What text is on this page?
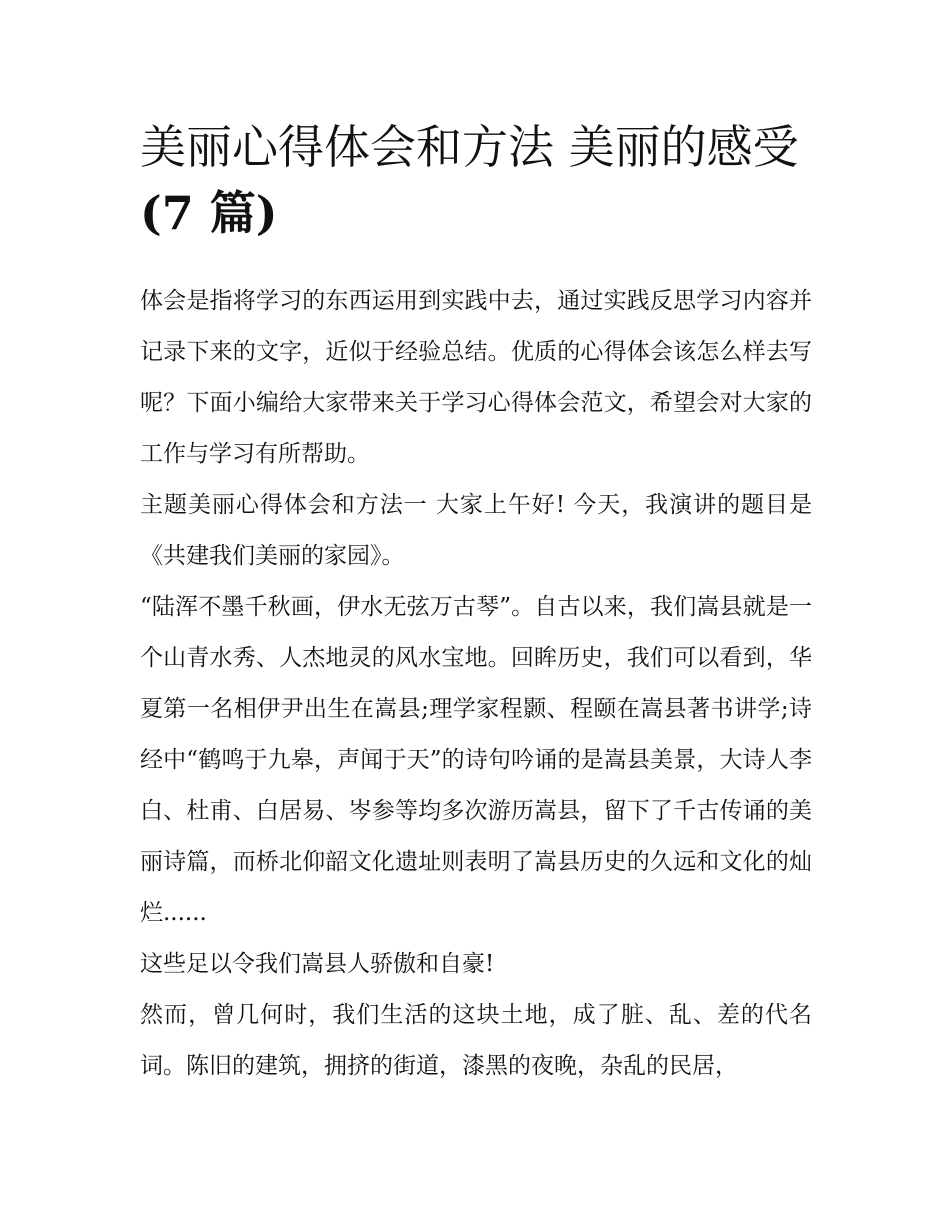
美丽心得体会和方法 美丽的感受(7 篇)

体会是指将学习的东西运用到实践中去，通过实践反思学习内容并记录下来的文字，近似于经验总结。优质的心得体会该怎么样去写呢？下面小编给大家带来关于学习心得体会范文，希望会对大家的工作与学习有所帮助。

主题美丽心得体会和方法一 大家上午好! 今天，我演讲的题目是《共建我们美丽的家园》。

“陆浑不墨千秋画，伊水无弦万古琴”。自古以来，我们嵩县就是一个山青水秀、人杰地灵的风水宝地。回眸历史，我们可以看到，华夏第一名相伊尹出生在嵩县;理学家程颢、程颐在嵩县著书讲学;诗经中“鹤鸣于九皋，声闻于天”的诗句吟诵的是嵩县美景，大诗人李白、杜甫、白居易、岑参等均多次游历嵩县，留下了千古传诵的美丽诗篇，而桥北仰韶文化遗址则表明了嵩县历史的久远和文化的灿烂......

这些足以令我们嵩县人骄傲和自豪!

然而，曾几何时，我们生活的这块土地，成了脏、乱、差的代名词。陈旧的建筑，拥挤的街道，漆黑的夜晚，杂乱的民居，
